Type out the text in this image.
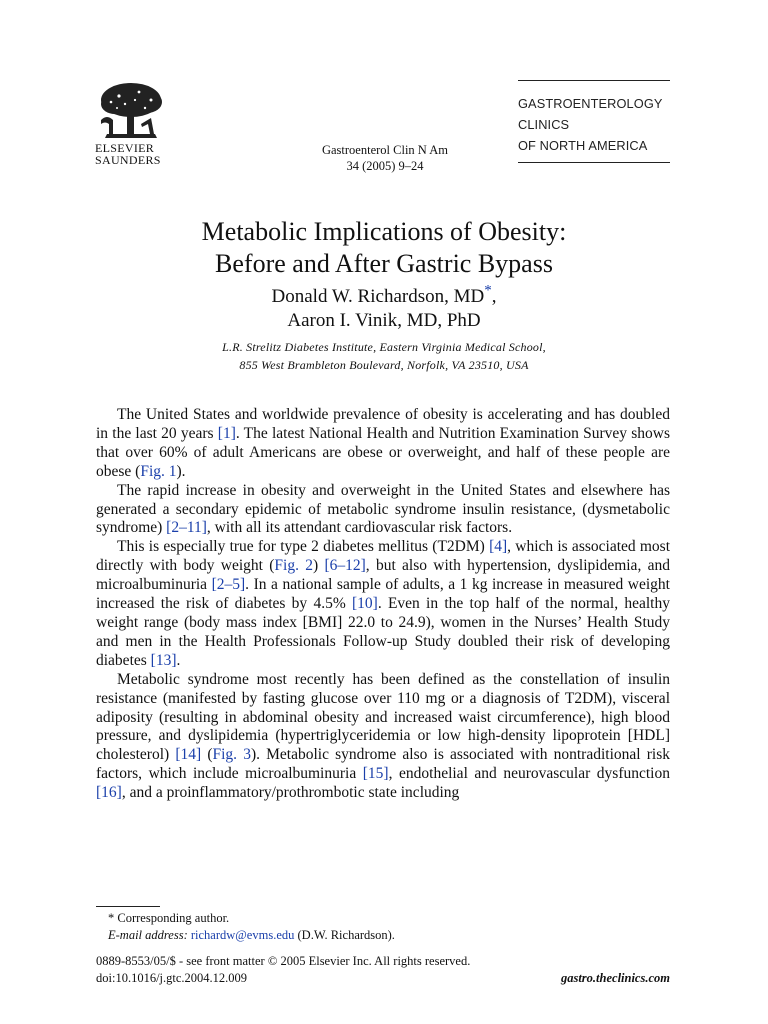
ELSEVIER
SAUNDERS
Gastroenterol Clin N Am
34 (2005) 9–24
GASTROENTEROLOGY
CLINICS
OF NORTH AMERICA
Metabolic Implications of Obesity:
Before and After Gastric Bypass
Donald W. Richardson, MD*,
Aaron I. Vinik, MD, PhD
L.R. Strelitz Diabetes Institute, Eastern Virginia Medical School,
855 West Brambleton Boulevard, Norfolk, VA 23510, USA

The United States and worldwide prevalence of obesity is accelerating and has doubled in the last 20 years [1]. The latest National Health and Nutrition Examination Survey shows that over 60% of adult Americans are obese or overweight, and half of these people are obese (Fig. 1).

The rapid increase in obesity and overweight in the United States and elsewhere has generated a secondary epidemic of metabolic syndrome insulin resistance, (dysmetabolic syndrome) [2–11], with all its attendant cardiovascular risk factors.

This is especially true for type 2 diabetes mellitus (T2DM) [4], which is associated most directly with body weight (Fig. 2) [6–12], but also with hypertension, dyslipidemia, and microalbuminuria [2–5]. In a national sample of adults, a 1 kg increase in measured weight increased the risk of diabetes by 4.5% [10]. Even in the top half of the normal, healthy weight range (body mass index [BMI] 22.0 to 24.9), women in the Nurses’ Health Study and men in the Health Professionals Follow-up Study doubled their risk of developing diabetes [13].

Metabolic syndrome most recently has been defined as the constellation of insulin resistance (manifested by fasting glucose over 110 mg or a diagnosis of T2DM), visceral adiposity (resulting in abdominal obesity and increased waist circumference), high blood pressure, and dyslipidemia (hypertriglyceridemia or low high-density lipoprotein [HDL] cholesterol) [14] (Fig. 3). Metabolic syndrome also is associated with nontraditional risk factors, which include microalbuminuria [15], endothelial and neurovascular dysfunction [16], and a proinflammatory/prothrombotic state including

* Corresponding author.
E-mail address: richardw@evms.edu (D.W. Richardson).
0889-8553/05/$ - see front matter © 2005 Elsevier Inc. All rights reserved.
doi:10.1016/j.gtc.2004.12.009	gastro.theclinics.com
